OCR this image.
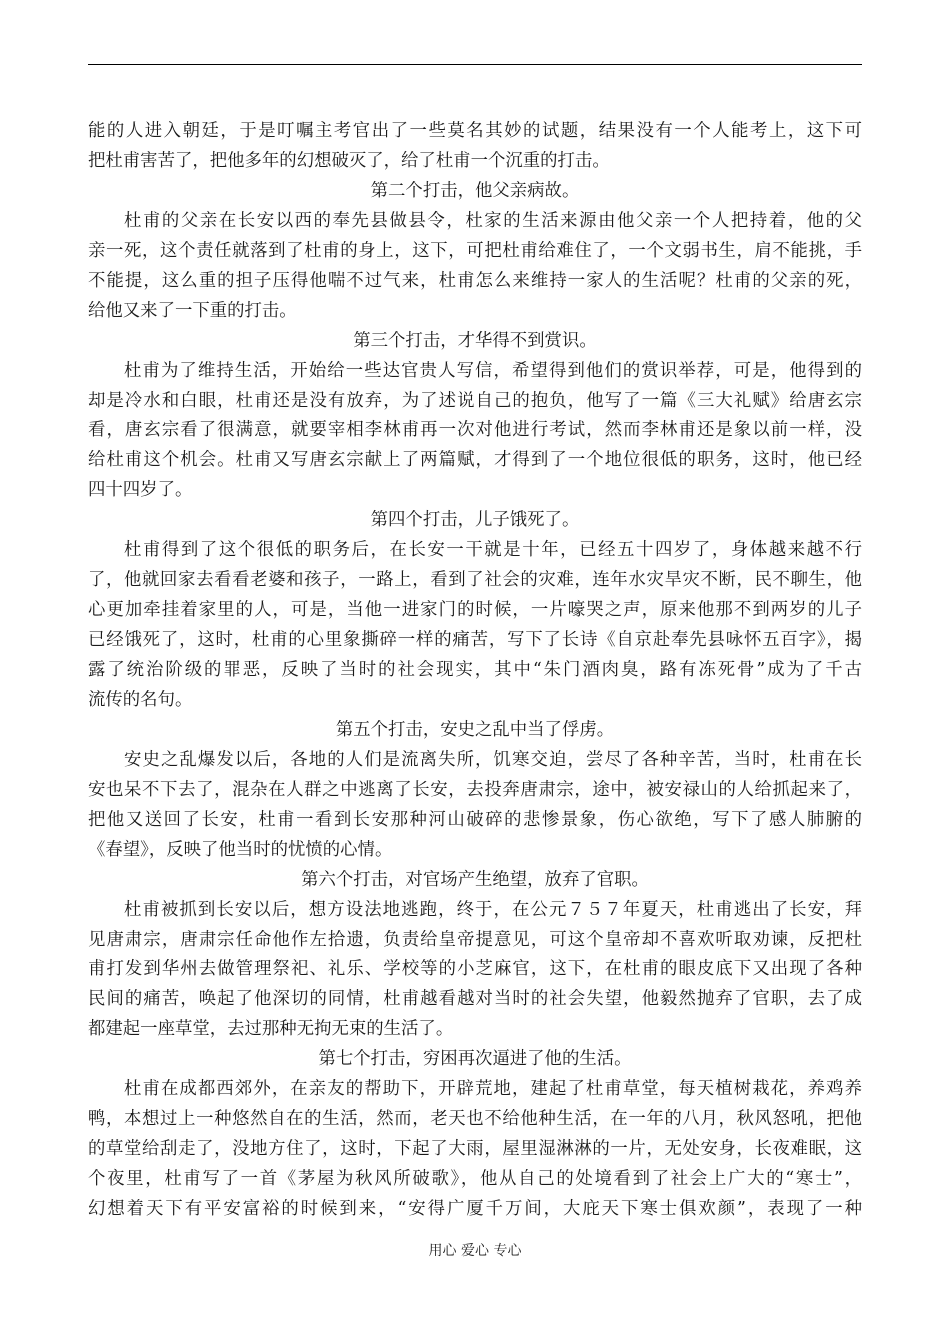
能的人进入朝廷，于是叮嘱主考官出了一些莫名其妙的试题，结果没有一个人能考上，这下可
把杜甫害苦了，把他多年的幻想破灭了，给了杜甫一个沉重的打击。
第二个打击，他父亲病故。
杜甫的父亲在长安以西的奉先县做县令，杜家的生活来源由他父亲一个人把持着，他的父
亲一死，这个责任就落到了杜甫的身上，这下，可把杜甫给难住了，一个文弱书生，肩不能挑，手
不能提，这么重的担子压得他喘不过气来，杜甫怎么来维持一家人的生活呢？杜甫的父亲的死，
给他又来了一下重的打击。
第三个打击，才华得不到赏识。
杜甫为了维持生活，开始给一些达官贵人写信，希望得到他们的赏识举荐，可是，他得到的
却是冷水和白眼，杜甫还是没有放弃，为了述说自己的抱负，他写了一篇《三大礼赋》给唐玄宗
看，唐玄宗看了很满意，就要宰相李林甫再一次对他进行考试，然而李林甫还是象以前一样，没
给杜甫这个机会。杜甫又写唐玄宗献上了两篇赋，才得到了一个地位很低的职务，这时，他已经
四十四岁了。
第四个打击，儿子饿死了。
杜甫得到了这个很低的职务后，在长安一干就是十年，已经五十四岁了，身体越来越不行
了，他就回家去看看老婆和孩子，一路上，看到了社会的灾难，连年水灾旱灾不断，民不聊生，他
心更加牵挂着家里的人，可是，当他一进家门的时候，一片嚎哭之声，原来他那不到两岁的儿子
已经饿死了，这时，杜甫的心里象撕碎一样的痛苦，写下了长诗《自京赴奉先县咏怀五百字》，揭
露了统治阶级的罪恶，反映了当时的社会现实，其中“朱门酒肉臭，路有冻死骨”成为了千古
流传的名句。
第五个打击，安史之乱中当了俘虏。
安史之乱爆发以后，各地的人们是流离失所，饥寒交迫，尝尽了各种辛苦，当时，杜甫在长
安也呆不下去了，混杂在人群之中逃离了长安，去投奔唐肃宗，途中，被安禄山的人给抓起来了，
把他又送回了长安，杜甫一看到长安那种河山破碎的悲惨景象，伤心欲绝，写下了感人肺腑的
《春望》，反映了他当时的忧愤的心情。
第六个打击，对官场产生绝望，放弃了官职。
杜甫被抓到长安以后，想方设法地逃跑，终于，在公元７５７年夏天，杜甫逃出了长安，拜
见唐肃宗，唐肃宗任命他作左拾遗，负责给皇帝提意见，可这个皇帝却不喜欢听取劝谏，反把杜
甫打发到华州去做管理祭祀、礼乐、学校等的小芝麻官，这下，在杜甫的眼皮底下又出现了各种
民间的痛苦，唤起了他深切的同情，杜甫越看越对当时的社会失望，他毅然抛弃了官职，去了成
都建起一座草堂，去过那种无拘无束的生活了。
第七个打击，穷困再次逼进了他的生活。
杜甫在成都西郊外，在亲友的帮助下，开辟荒地，建起了杜甫草堂，每天植树栽花，养鸡养
鸭，本想过上一种悠然自在的生活，然而，老天也不给他种生活，在一年的八月，秋风怒吼，把他
的草堂给刮走了，没地方住了，这时，下起了大雨，屋里湿淋淋的一片，无处安身，长夜难眠，这
个夜里，杜甫写了一首《茅屋为秋风所破歌》，他从自己的处境看到了社会上广大的“寒士”，
幻想着天下有平安富裕的时候到来，“安得广厦千万间，大庇天下寒士俱欢颜”，表现了一种
用心 爱心 专心
